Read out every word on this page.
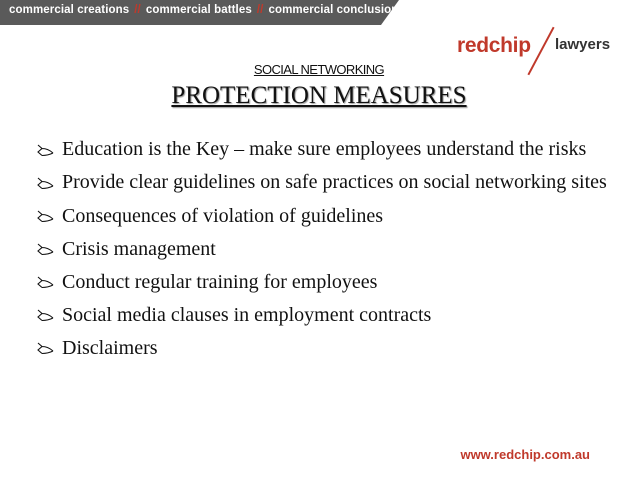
commercial creations // commercial battles // commercial conclusions
redchip lawyers
SOCIAL NETWORKING
PROTECTION MEASURES
Education is the Key – make sure employees understand the risks
Provide clear guidelines on safe practices on social networking sites
Consequences of violation of guidelines
Crisis management
Conduct regular training for employees
Social media clauses in employment contracts
Disclaimers
www.redchip.com.au
